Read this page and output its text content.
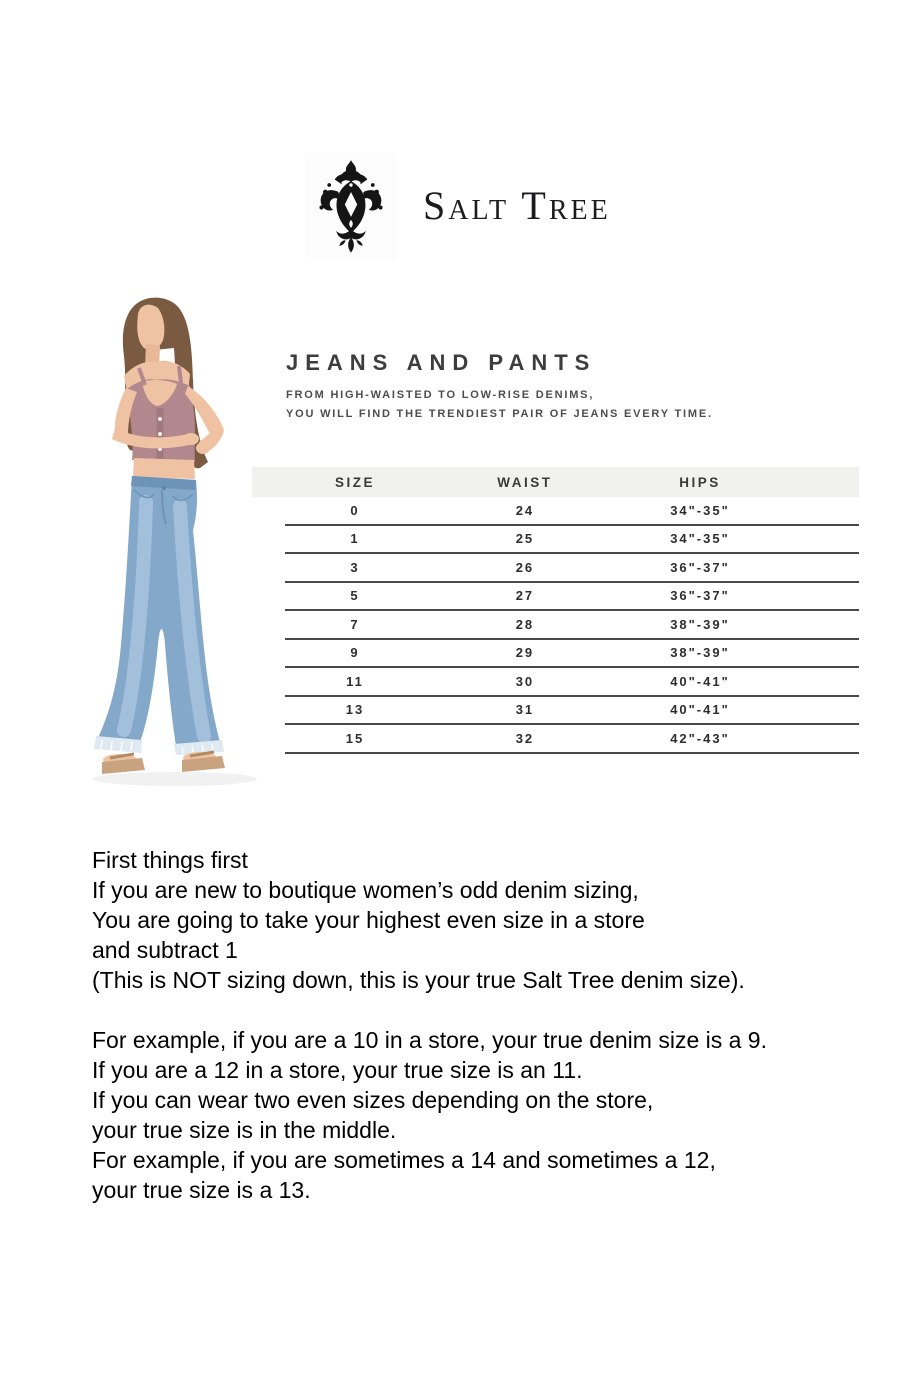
Salt Tree
JEANS AND PANTS
FROM HIGH-WAISTED TO LOW-RISE DENIMS,
YOU WILL FIND THE TRENDIEST PAIR OF JEANS EVERY TIME.
SIZE	WAIST	HIPS	
0	24	34"-35"	
1	25	34"-35"	
3	26	36"-37"	
5	27	36"-37"	
7	28	38"-39"	
9	29	38"-39"	
11	30	40"-41"	
13	31	40"-41"	
15	32	42"-43"	
First things first
If you are new to boutique women’s odd denim sizing,
You are going to take your highest even size in a store
and subtract 1
(This is NOT sizing down, this is your true Salt Tree denim size).
For example, if you are a 10 in a store, your true denim size is a 9.
If you are a 12 in a store, your true size is an 11.
If you can wear two even sizes depending on the store,
your true size is in the middle.
For example, if you are sometimes a 14 and sometimes a 12,
your true size is a 13.
